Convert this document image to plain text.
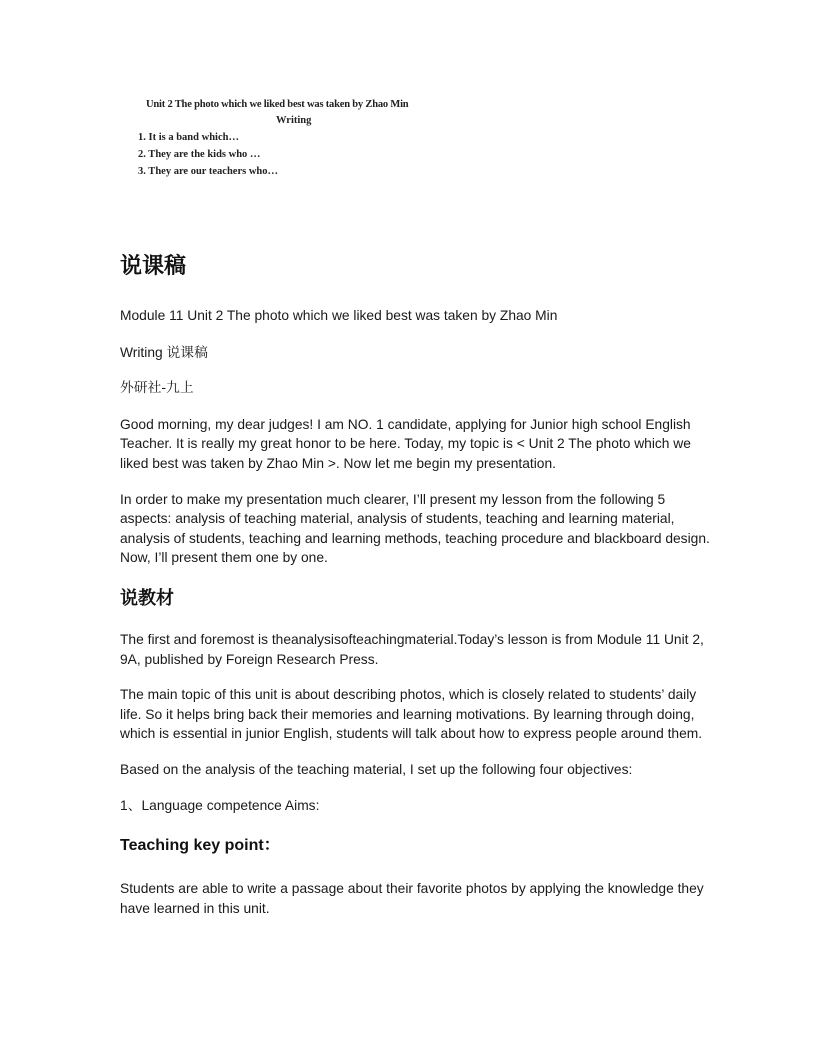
Unit 2 The photo which we liked best was taken by Zhao Min
Writing
1. It is a band which…
2. They are the kids who …
3. They are our teachers who…
说课稿

Module 11 Unit 2 The photo which we liked best was taken by Zhao Min

Writing 说课稿

外研社-九上

Good morning, my dear judges! I am NO. 1 candidate, applying for Junior high school English Teacher. It is really my great honor to be here. Today, my topic is < Unit 2 The photo which we liked best was taken by Zhao Min >. Now let me begin my presentation.

In order to make my presentation much clearer, I’ll present my lesson from the following 5 aspects: analysis of teaching material, analysis of students, teaching and learning material, analysis of students, teaching and learning methods, teaching procedure and blackboard design. Now, I’ll present them one by one.

说教材

The first and foremost is theanalysisofteachingmaterial.Today’s lesson is from Module 11 Unit 2, 9A, published by Foreign Research Press.

The main topic of this unit is about describing photos, which is closely related to students’ daily life. So it helps bring back their memories and learning motivations. By learning through doing, which is essential in junior English, students will talk about how to express people around them.

Based on the analysis of the teaching material, I set up the following four objectives:

1、Language competence Aims:

Teaching key point：

Students are able to write a passage about their favorite photos by applying the knowledge they have learned in this unit.
